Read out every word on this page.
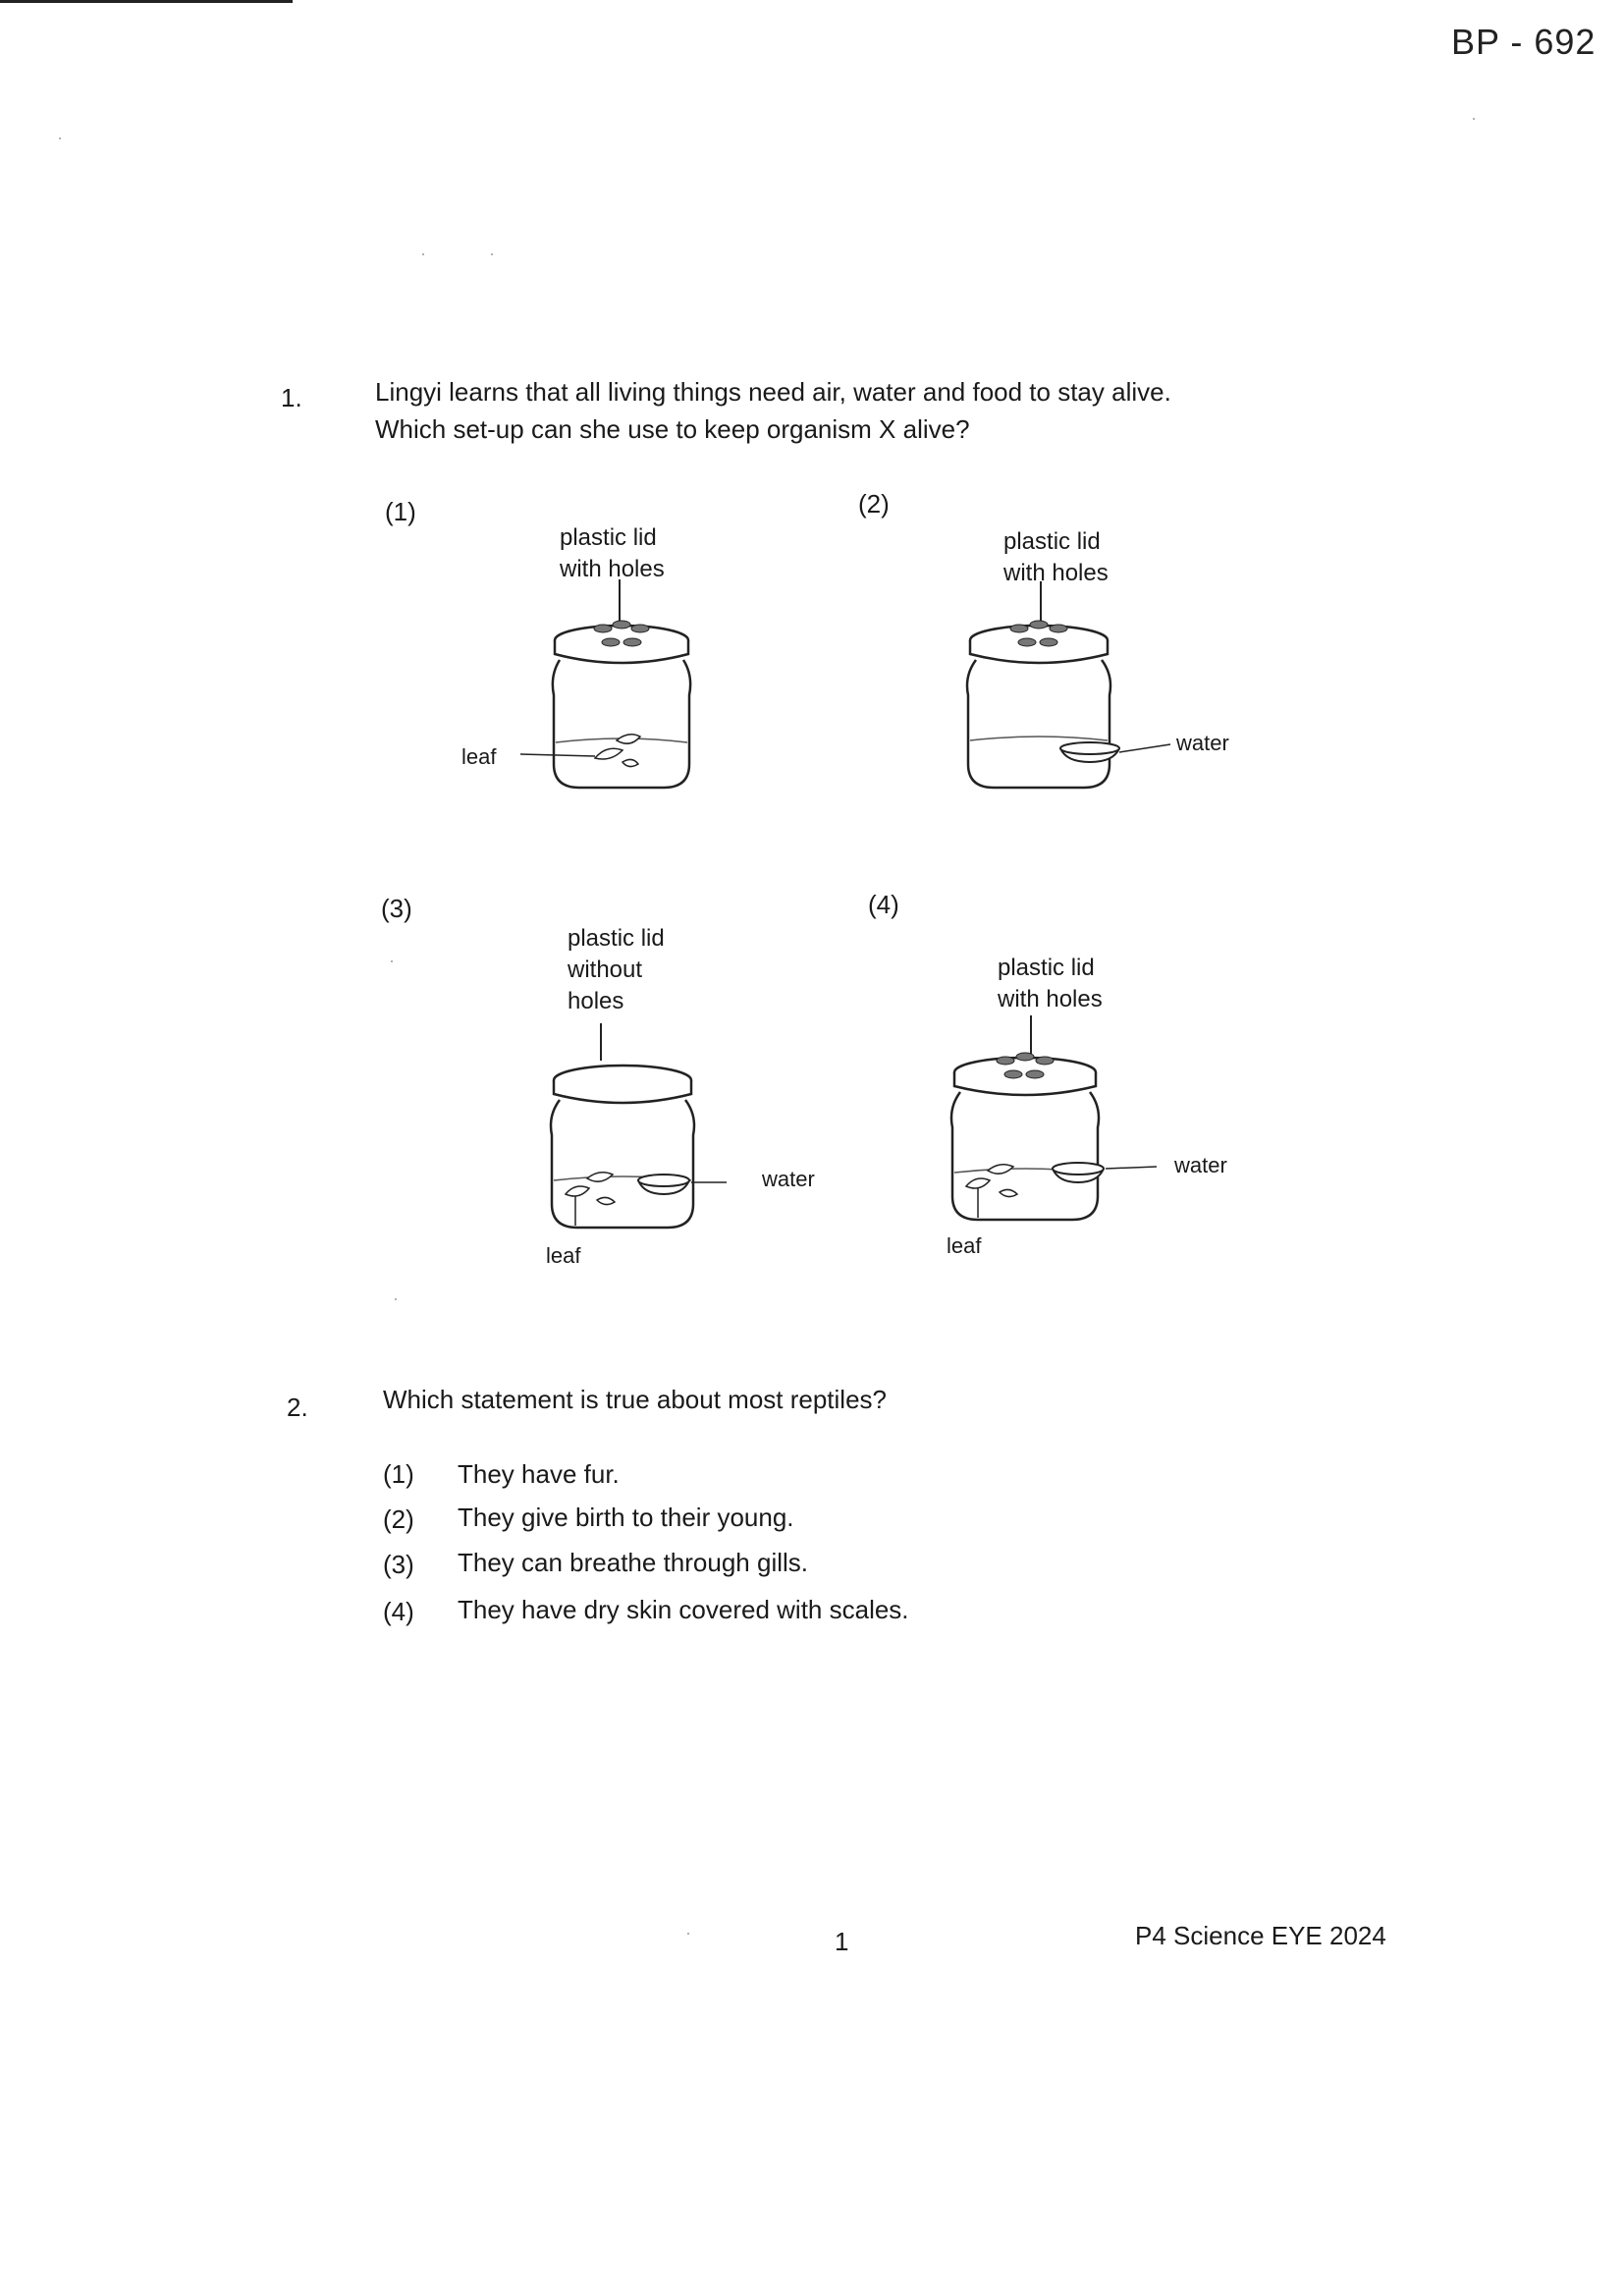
BP - 692
1.	Lingyi learns that all living things need air, water and food to stay alive.
Which set-up can she use to keep organism X alive?
(1)
plastic lid
with holes
leaf
(2)
plastic lid
with holes
water
(3)
plastic lid
without
holes
water
leaf
(4)
plastic lid
with holes
water
leaf
2.	Which statement is true about most reptiles?
(1) They have fur.
(2) They give birth to their young.
(3) They can breathe through gills.
(4) They have dry skin covered with scales.
1	P4 Science EYE 2024
